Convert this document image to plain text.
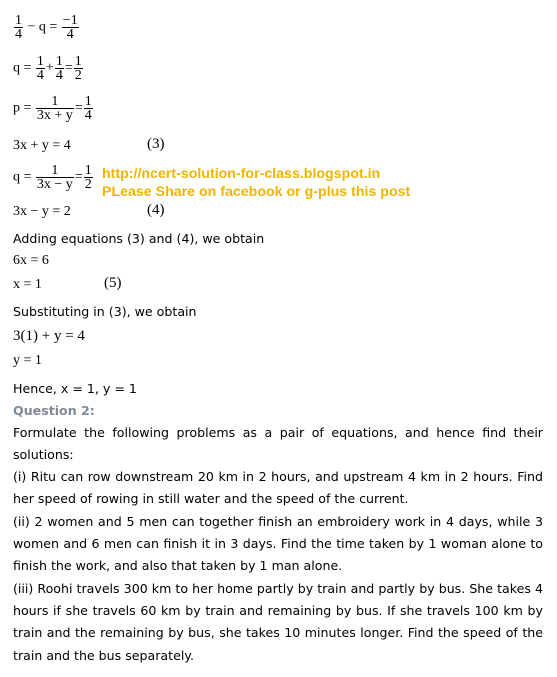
$\frac{1}{4} - q = \frac{-1}{4}$
$q = \frac{1}{4} + \frac{1}{4} = \frac{1}{2}$
$p = \frac{1}{3x + y} = \frac{1}{4}$
3x + y = 4	(3)
$q = \frac{1}{3x - y} = \frac{1}{2}$ http://ncert-solution-for-class.blogspot.in
PLease Share on facebook or g-plus this post
3x − y = 2	(4)
Adding equations (3) and (4), we obtain
6x = 6
x = 1	(5)
Substituting in (3), we obtain
3(1) + y = 4
y = 1
Hence, x = 1, y = 1
Question 2:
Formulate the following problems as a pair of equations, and hence find their solutions:
(i) Ritu can row downstream 20 km in 2 hours, and upstream 4 km in 2 hours. Find her speed of rowing in still water and the speed of the current.
(ii) 2 women and 5 men can together finish an embroidery work in 4 days, while 3 women and 6 men can finish it in 3 days. Find the time taken by 1 woman alone to finish the work, and also that taken by 1 man alone.
(iii) Roohi travels 300 km to her home partly by train and partly by bus. She takes 4 hours if she travels 60 km by train and remaining by bus. If she travels 100 km by train and the remaining by bus, she takes 10 minutes longer. Find the speed of the train and the bus separately.
